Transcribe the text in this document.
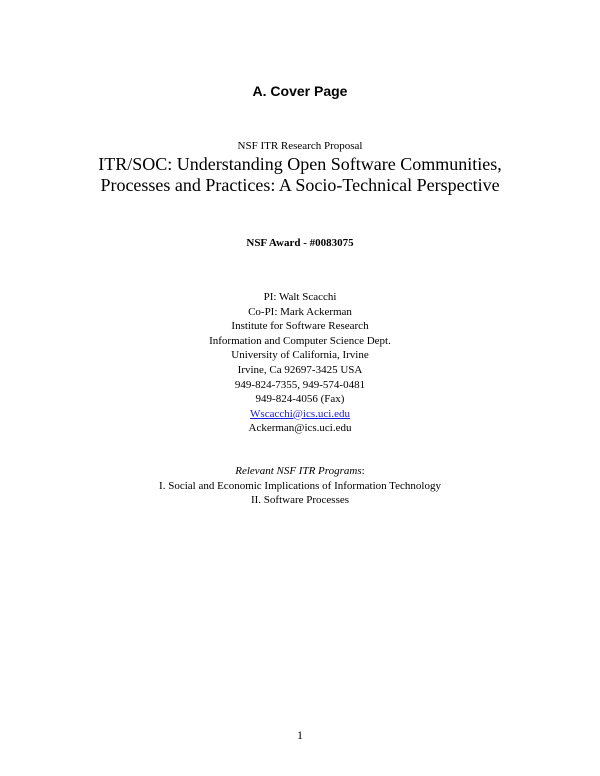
A. Cover Page
NSF ITR Research Proposal
ITR/SOC: Understanding Open Software Communities,
Processes and Practices: A Socio-Technical Perspective
NSF Award - #0083075
PI: Walt Scacchi
Co-PI: Mark Ackerman
Institute for Software Research
Information and Computer Science Dept.
University of California, Irvine
Irvine, Ca 92697-3425 USA
949-824-7355, 949-574-0481
949-824-4056 (Fax)
Wscacchi@ics.uci.edu
Ackerman@ics.uci.edu
Relevant NSF ITR Programs:
I. Social and Economic Implications of Information Technology
II. Software Processes
1
